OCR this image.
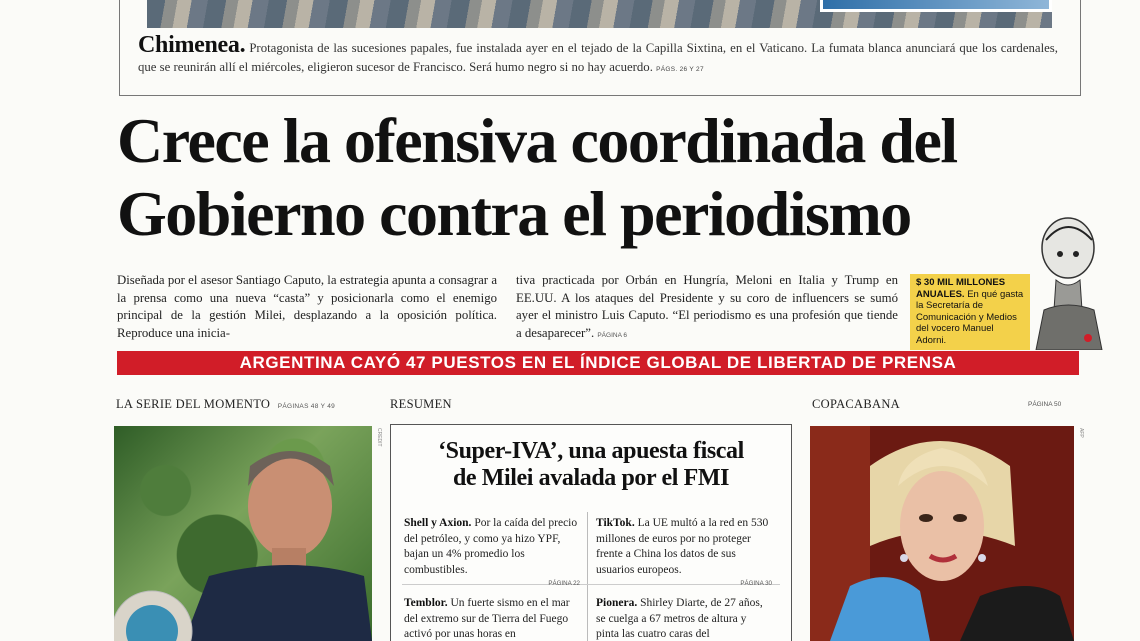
Chimenea. Protagonista de las sucesiones papales, fue instalada ayer en el tejado de la Capilla Sixtina, en el Vaticano. La fumata blanca anunciará que los cardenales, que se reunirán allí el miércoles, eligieron sucesor de Francisco. Será humo negro si no hay acuerdo. PÁGS. 26 Y 27

Crece la ofensiva coordinada del
Gobierno contra el periodismo

Diseñada por el asesor Santiago Caputo, la estrategia apunta a consagrar a la prensa como una nueva “casta” y posicionarla como el enemigo principal de la gestión Milei, desplazando a la oposición política. Reproduce una inicia-

tiva practicada por Orbán en Hungría, Meloni en Italia y Trump en EE.UU. A los ataques del Presidente y su coro de influencers se sumó ayer el ministro Luis Caputo. “El periodismo es una profesión que tiende a desaparecer”. PÁGINA 6

$ 30 MIL MILLONES ANUALES. En qué gasta la Secretaría de Comunicación y Medios del vocero Manuel Adorni.
ARGENTINA CAYÓ 47 PUESTOS EN EL ÍNDICE GLOBAL DE LIBERTAD DE PRENSA
LA SERIE DEL MOMENTO PÁGINAS 48 Y 49	RESUMEN	COPACABANA	PÁGINA 50
CREDIT
‘Super-IVA’, una apuesta fiscal
de Milei avalada por el FMI
Shell y Axion. Por la caída del precio del petróleo, y como ya hizo YPF, bajan un 4% promedio los combustibles.
PÁGINA 22
TikTok. La UE multó a la red en 530 millones de euros por no proteger frente a China los datos de sus usuarios europeos.
PÁGINA 30
Temblor. Un fuerte sismo en el mar del extremo sur de Tierra del Fuego activó por unas horas en
Pionera. Shirley Diarte, de 27 años, se cuelga a 67 metros de altura y pinta las cuatro caras del
AFP
